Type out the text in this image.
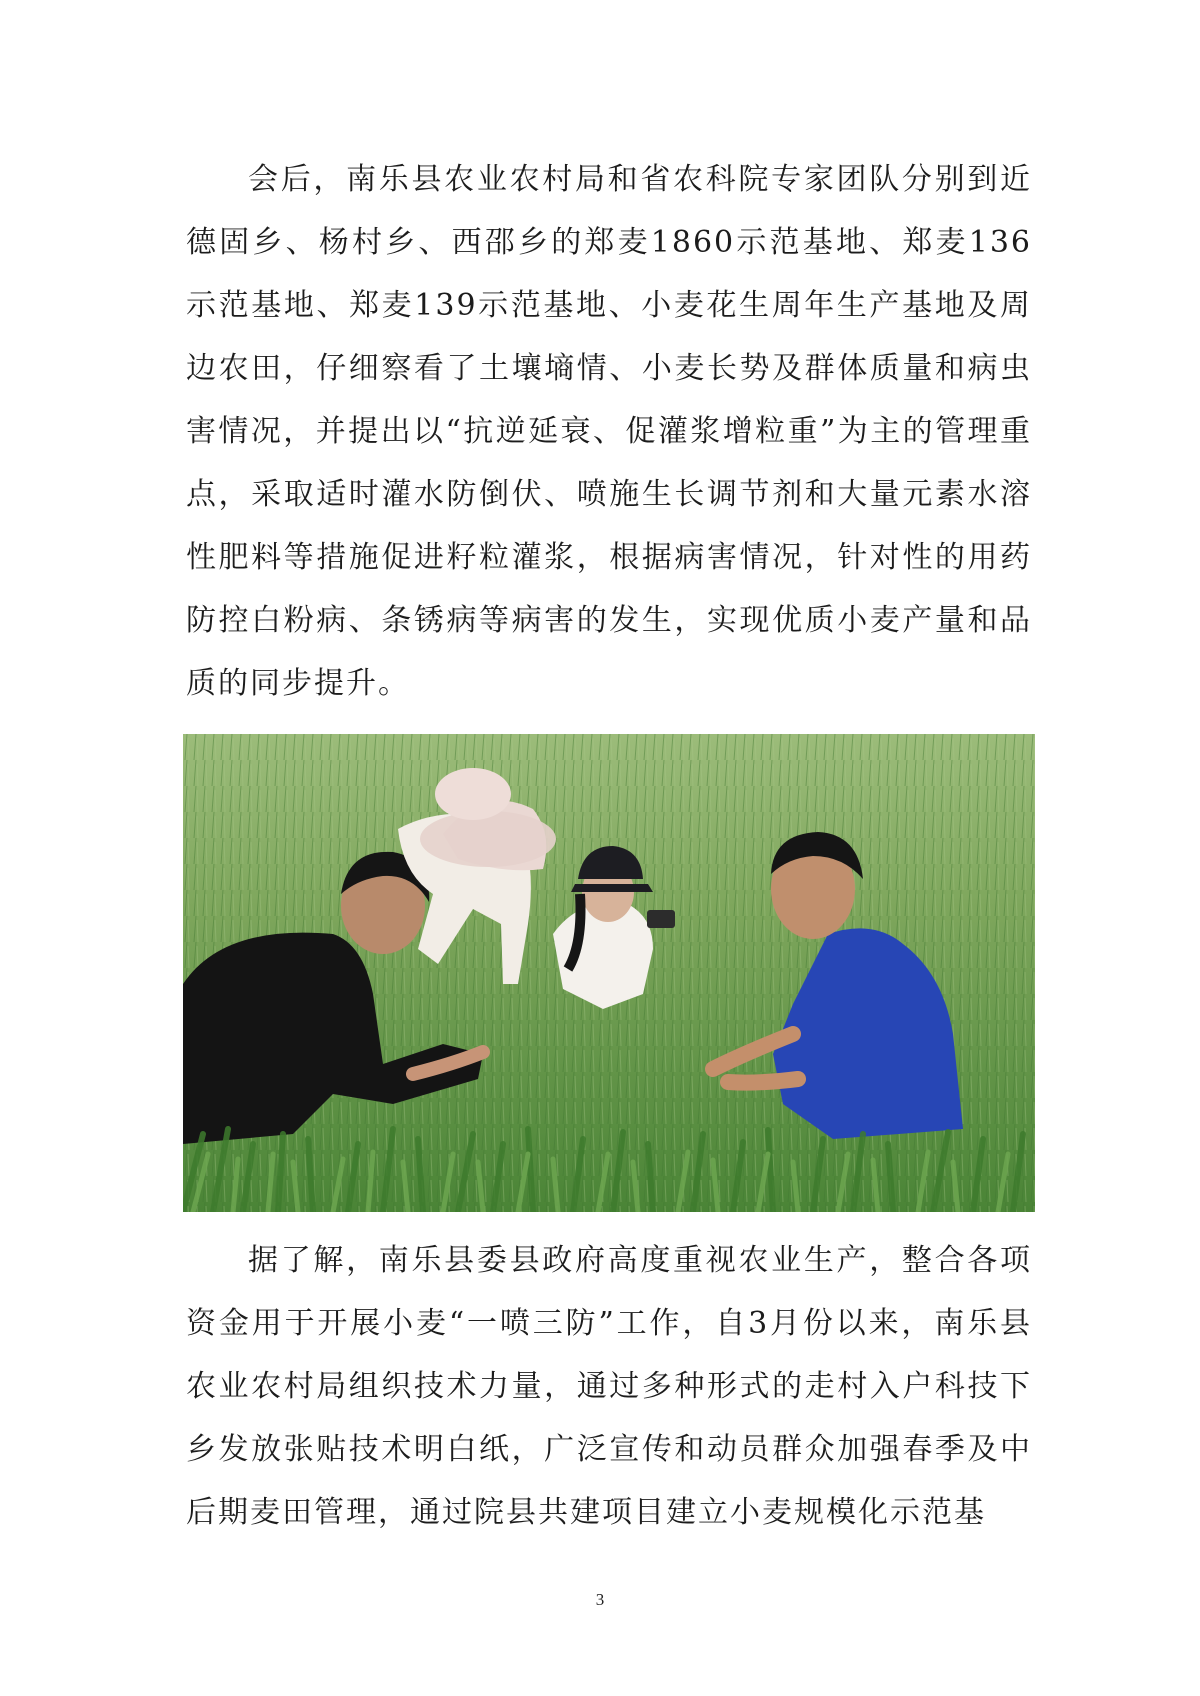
会后，南乐县农业农村局和省农科院专家团队分别到近德固乡、杨村乡、西邵乡的郑麦1860示范基地、郑麦136示范基地、郑麦139示范基地、小麦花生周年生产基地及周边农田，仔细察看了土壤墒情、小麦长势及群体质量和病虫害情况，并提出以“抗逆延衰、促灌浆增粒重”为主的管理重点，采取适时灌水防倒伏、喷施生长调节剂和大量元素水溶性肥料等措施促进籽粒灌浆，根据病害情况，针对性的用药防控白粉病、条锈病等病害的发生，实现优质小麦产量和品质的同步提升。

据了解，南乐县委县政府高度重视农业生产，整合各项资金用于开展小麦“一喷三防”工作，自3月份以来，南乐县农业农村局组织技术力量，通过多种形式的走村入户科技下乡发放张贴技术明白纸，广泛宣传和动员群众加强春季及中后期麦田管理，通过院县共建项目建立小麦规模化示范基

3
